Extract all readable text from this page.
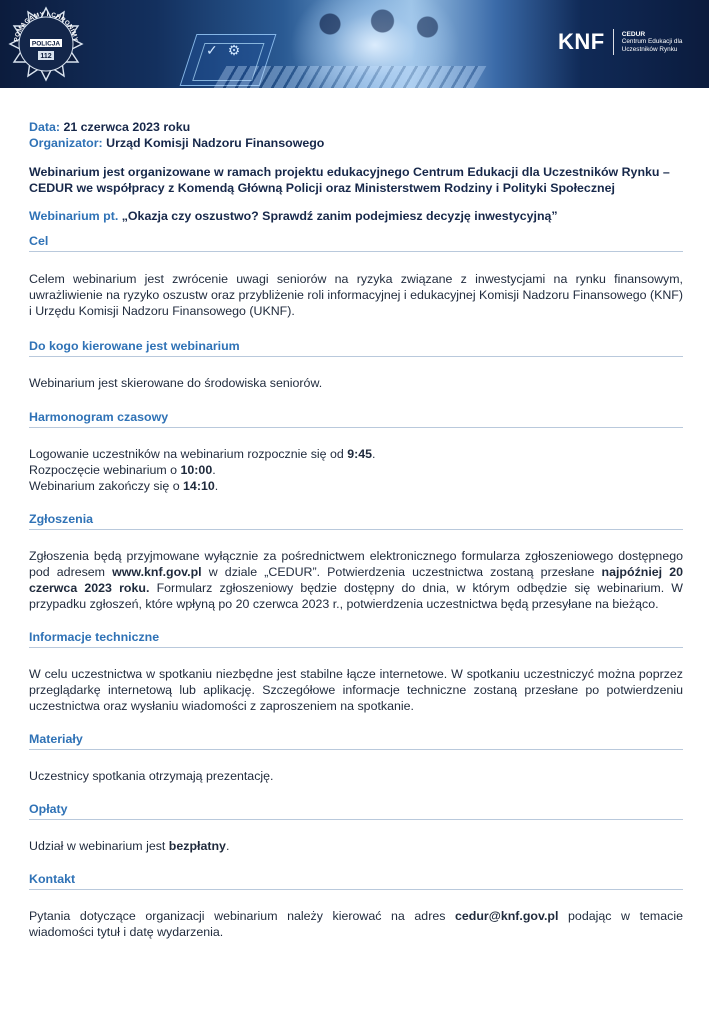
✓ ⚙
POMAGAMY I CHRONIMY
POLICJA
112
KNF	CEDUR
Centrum Edukacji dla
Uczestników Rynku
Data: 21 czerwca 2023 roku
Organizator: Urząd Komisji Nadzoru Finansowego
Webinarium jest organizowane w ramach projektu edukacyjnego Centrum Edukacji dla Uczestników Rynku – CEDUR we współpracy z Komendą Główną Policji oraz Ministerstwem Rodziny i Polityki Społecznej
Webinarium pt. „Okazja czy oszustwo? Sprawdź zanim podejmiesz decyzję inwestycyjną”
Cel
Celem webinarium jest zwrócenie uwagi seniorów na ryzyka związane z inwestycjami na rynku finansowym, uwrażliwienie na ryzyko oszustw oraz przybliżenie roli informacyjnej i edukacyjnej Komisji Nadzoru Finansowego (KNF) i Urzędu Komisji Nadzoru Finansowego (UKNF).
Do kogo kierowane jest webinarium
Webinarium jest skierowane do środowiska seniorów.
Harmonogram czasowy
Logowanie uczestników na webinarium rozpocznie się od 9:45.
Rozpoczęcie webinarium o 10:00.
Webinarium zakończy się o 14:10.
Zgłoszenia
Zgłoszenia będą przyjmowane wyłącznie za pośrednictwem elektronicznego formularza zgłoszeniowego dostępnego pod adresem www.knf.gov.pl w dziale „CEDUR”. Potwierdzenia uczestnictwa zostaną przesłane najpóźniej 20 czerwca 2023 roku. Formularz zgłoszeniowy będzie dostępny do dnia, w którym odbędzie się webinarium. W przypadku zgłoszeń, które wpłyną po 20 czerwca 2023 r., potwierdzenia uczestnictwa będą przesyłane na bieżąco.
Informacje techniczne
W celu uczestnictwa w spotkaniu niezbędne jest stabilne łącze internetowe. W spotkaniu uczestniczyć można poprzez przeglądarkę internetową lub aplikację. Szczegółowe informacje techniczne zostaną przesłane po potwierdzeniu uczestnictwa oraz wysłaniu wiadomości z zaproszeniem na spotkanie.
Materiały
Uczestnicy spotkania otrzymają prezentację.
Opłaty
Udział w webinarium jest bezpłatny.
Kontakt
Pytania dotyczące organizacji webinarium należy kierować na adres cedur@knf.gov.pl podając w temacie wiadomości tytuł i datę wydarzenia.
